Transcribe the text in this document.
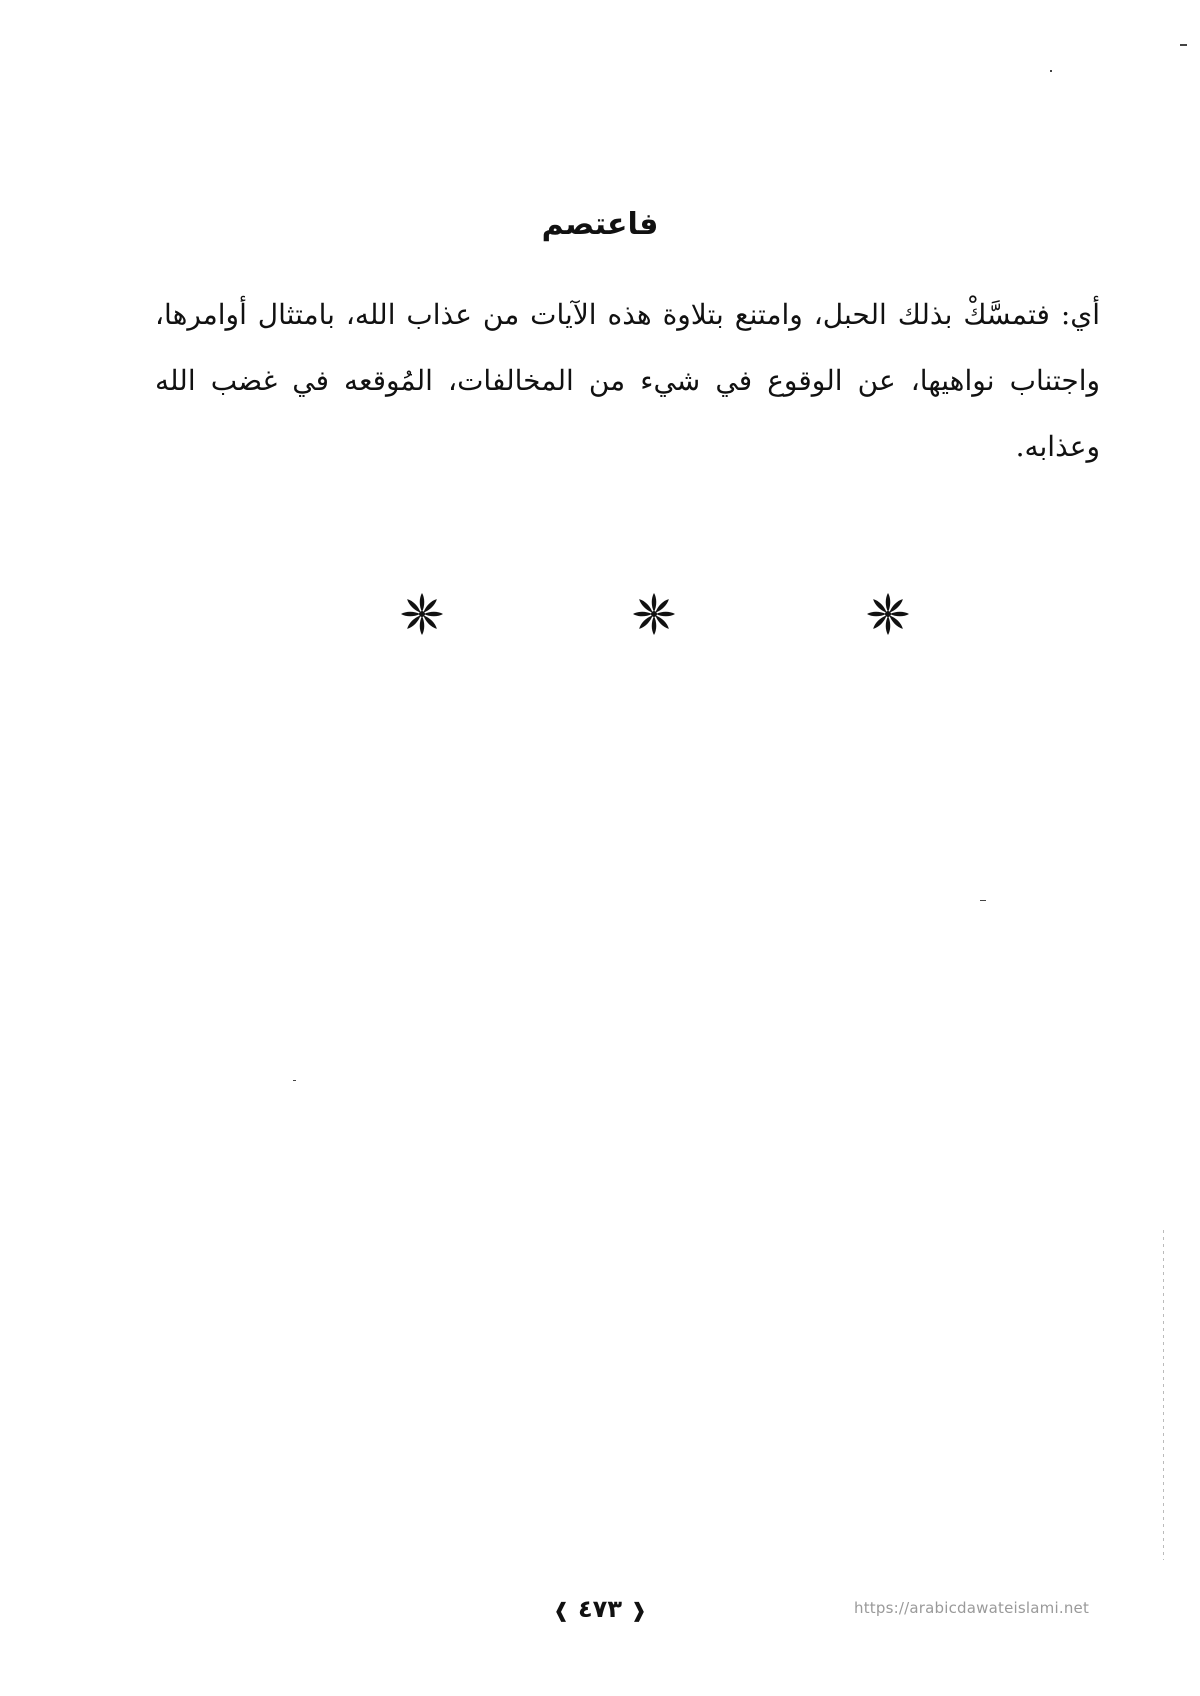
فاعتصم
أي: فتمسَّكْ بذلك الحبل، وامتنع بتلاوة هذه الآيات من عذاب الله، بامتثال أوامرها، واجتناب نواهيها، عن الوقوع في شيء من المخالفات، المُوقعه في غضب الله وعذابه.
❰ ٤٧٣ ❱	https://arabicdawateislami.net
